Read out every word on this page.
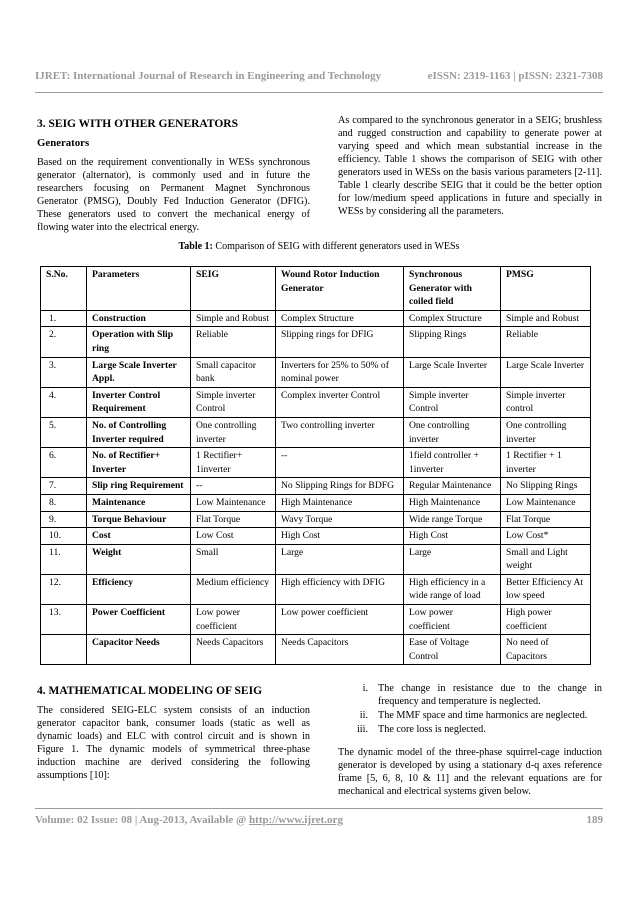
IJRET: International Journal of Research in Engineering and Technology	eISSN: 2319-1163 | pISSN: 2321-7308
3. SEIG WITH OTHER GENERATORS
Generators

Based on the requirement conventionally in WESs synchronous generator (alternator), is commonly used and in future the researchers focusing on Permanent Magnet Synchronous Generator (PMSG), Doubly Fed Induction Generator (DFIG). These generators used to convert the mechanical energy of flowing water into the electrical energy.

As compared to the synchronous generator in a SEIG; brushless and rugged construction and capability to generate power at varying speed and which mean substantial increase in the efficiency. Table 1 shows the comparison of SEIG with other generators used in WESs on the basis various parameters [2-11]. Table 1 clearly describe SEIG that it could be the better option for low/medium speed applications in future and specially in WESs by considering all the parameters.

Table 1: Comparison of SEIG with different generators used in WESs
S.No.	Parameters	SEIG	Wound Rotor Induction Generator	Synchronous Generator with coiled field	PMSG
1.	Construction	Simple and Robust	Complex Structure	Complex Structure	Simple and Robust
2.	Operation with Slip ring	Reliable	Slipping rings for DFIG	Slipping Rings	Reliable
3.	Large Scale Inverter Appl.	Small capacitor bank	Inverters for 25% to 50% of nominal power	Large Scale Inverter	Large Scale Inverter
4.	Inverter Control Requirement	Simple inverter Control	Complex inverter Control	Simple inverter Control	Simple inverter control
5.	No. of Controlling Inverter required	One controlling inverter	Two controlling inverter	One controlling inverter	One controlling inverter
6.	No. of Rectifier+ Inverter	1 Rectifier+ 1inverter	--	1field controller + 1inverter	1 Rectifier + 1 inverter
7.	Slip ring Requirement	--	No Slipping Rings for BDFG	Regular Maintenance	No Slipping Rings
8.	Maintenance	Low Maintenance	High Maintenance	High Maintenance	Low Maintenance
9.	Torque Behaviour	Flat Torque	Wavy Torque	Wide range Torque	Flat Torque
10.	Cost	Low Cost	High Cost	High Cost	Low Cost*
11.	Weight	Small	Large	Large	Small and Light weight
12.	Efficiency	Medium efficiency	High efficiency with DFIG	High efficiency in a wide range of load	Better Efficiency At low speed
13.	Power Coefficient	Low power coefficient	Low power coefficient	Low power coefficient	High power coefficient
	Capacitor Needs	Needs Capacitors	Needs Capacitors	Ease of Voltage Control	No need of Capacitors
4. MATHEMATICAL MODELING OF SEIG

The considered SEIG-ELC system consists of an induction generator capacitor bank, consumer loads (static as well as dynamic loads) and ELC with control circuit and is shown in Figure 1. The dynamic models of symmetrical three-phase induction machine are derived considering the following assumptions [10]:

i. The change in resistance due to the change in frequency and temperature is neglected.
ii. The MMF space and time harmonics are neglected.
iii. The core loss is neglected.

The dynamic model of the three-phase squirrel-cage induction generator is developed by using a stationary d-q axes reference frame [5, 6, 8, 10 & 11] and the relevant equations are for mechanical and electrical systems given below.

Volume: 02 Issue: 08 | Aug-2013, Available @ http://www.ijret.org	189
